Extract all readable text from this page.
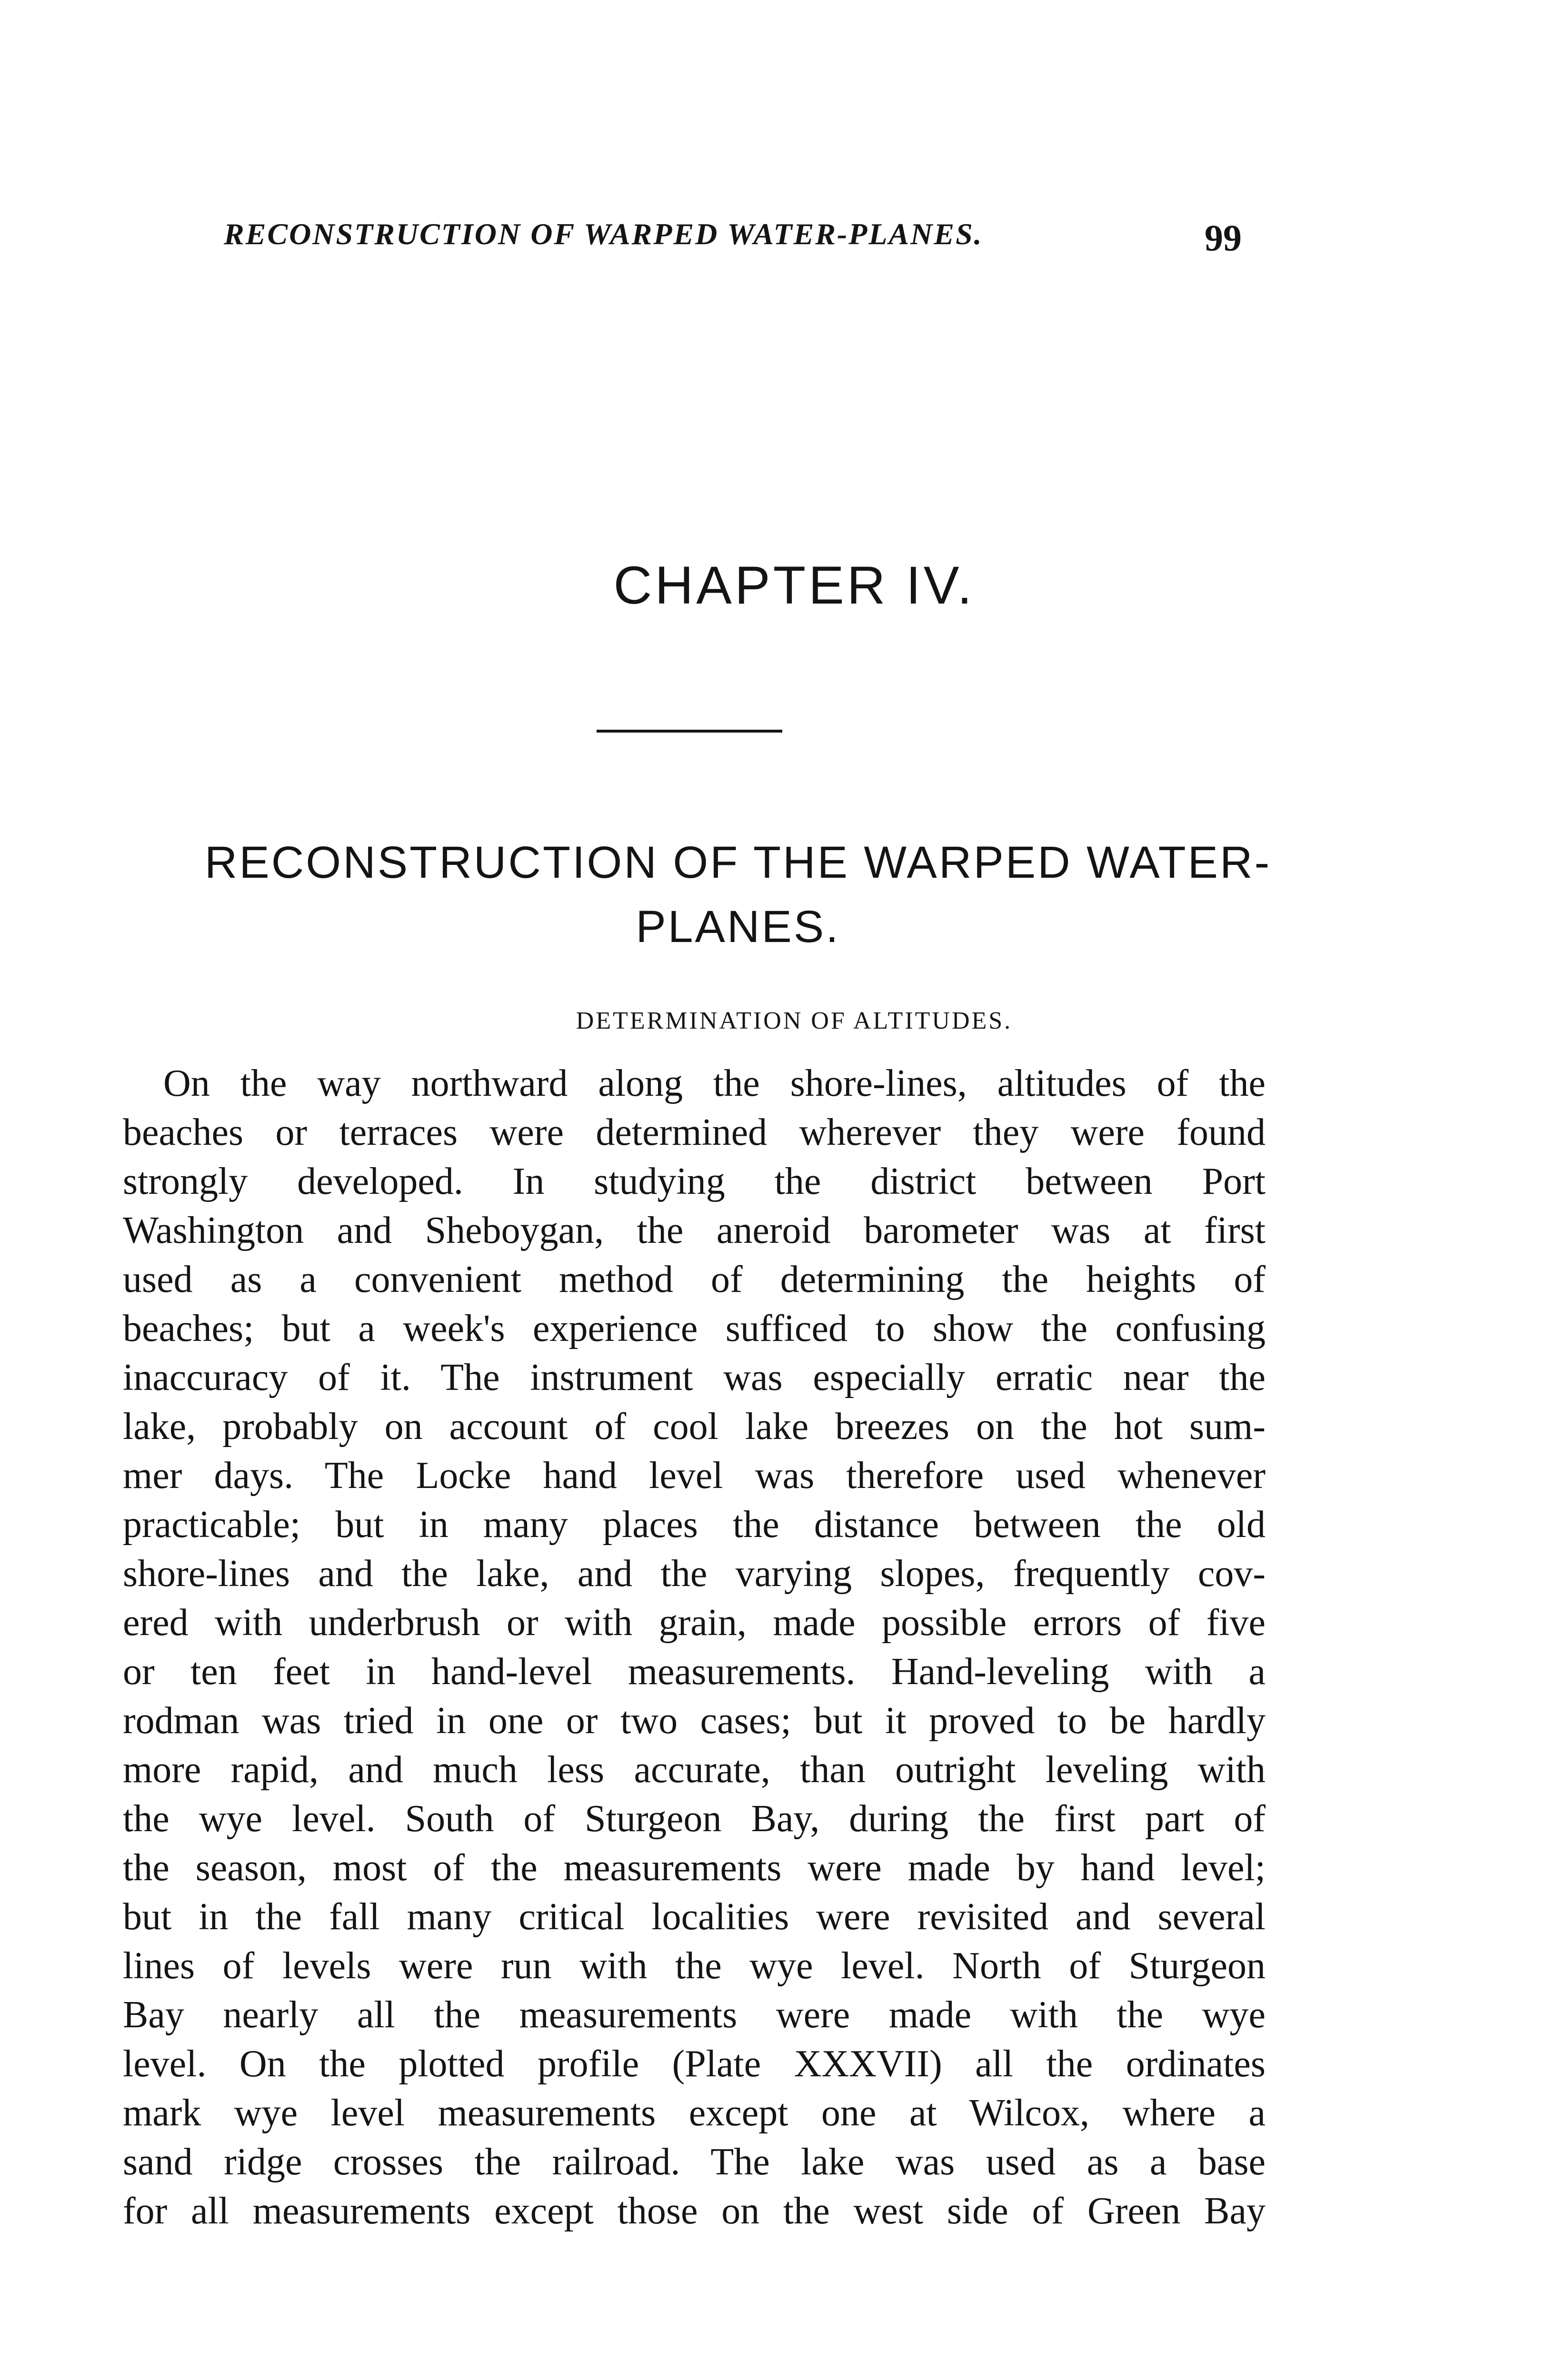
RECONSTRUCTION OF WARPED WATER-PLANES.	99
CHAPTER IV.
RECONSTRUCTION OF THE WARPED WATER-
PLANES.
DETERMINATION OF ALTITUDES.
On the way northward along the shore-lines, altitudes of the
beaches or terraces were determined wherever they were found
strongly developed. In studying the district between Port
Washington and Sheboygan, the aneroid barometer was at first
used as a convenient method of determining the heights of
beaches; but a week's experience sufficed to show the confusing
inaccuracy of it. The instrument was especially erratic near the
lake, probably on account of cool lake breezes on the hot sum-
mer days. The Locke hand level was therefore used whenever
practicable; but in many places the distance between the old
shore-lines and the lake, and the varying slopes, frequently cov-
ered with underbrush or with grain, made possible errors of five
or ten feet in hand-level measurements. Hand-leveling with a
rodman was tried in one or two cases; but it proved to be hardly
more rapid, and much less accurate, than outright leveling with
the wye level. South of Sturgeon Bay, during the first part of
the season, most of the measurements were made by hand level;
but in the fall many critical localities were revisited and several
lines of levels were run with the wye level. North of Sturgeon
Bay nearly all the measurements were made with the wye
level. On the plotted profile (Plate XXXVII) all the ordinates
mark wye level measurements except one at Wilcox, where a
sand ridge crosses the railroad. The lake was used as a base
for all measurements except those on the west side of Green Bay
